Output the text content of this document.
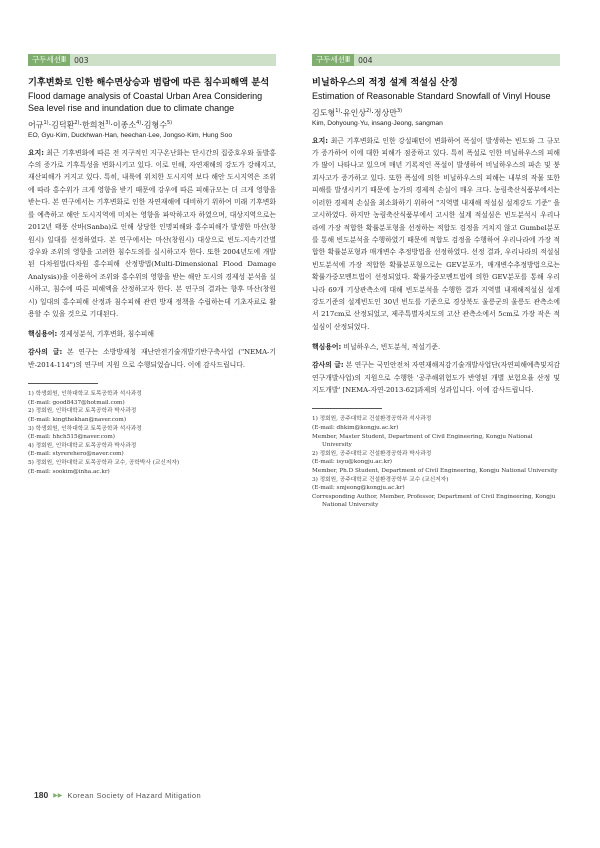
구두세션Ⅲ	003
기후변화로 인한 해수면상승과 범람에 따른 침수피해액 분석
Flood damage analysis of Coastal Urban Area Considering Sea level rise and inundation due to climate change
어규$^{1)}$·김덕환$^{2)}$·한희천$^{3)}$·이종소$^{4)}$·김형수$^{5)}$
EO, Gyu·Kim, Duckhwan·Han, heechan·Lee, Jongso·Kim, Hung Soo

요지: 최근 기후변화에 따른 전 지구적인 지구온난화는 단시간의 집중호우와 돌발홍수의 증가로 기후특성을 변화시키고 있다. 이로 인해, 자연재해의 강도가 강해지고, 재산피해가 커지고 있다. 특히, 내륙에 위치한 도시지역 보다 해안 도시지역은 조위에 따라 홍수위가 크게 영향을 받기 때문에 강우에 따른 피해규모는 더 크게 영향을 받는다. 본 연구에서는 기후변화로 인한 자연재해에 대비하기 위하여 미래 기후변화를 예측하고 해안 도시지역에 미치는 영향을 파악하고자 하였으며, 대상지역으로는 2012년 태풍 산바(Sanba)로 인해 상당한 인명피해와 홍수피해가 발생한 마산(창원시) 일대를 선정하였다. 본 연구에서는 마산(창원시) 대상으로 빈도-지속기간별 강우와 조위의 영향을 고려한 침수도의를 실시하고자 한다. 또한 2004년도에 개발된 다차원법(다차원 홍수피해 산정방법(Multi-Dimensional Flood Damage Analysis))을 이용하여 조위와 홍수위의 영향을 받는 해안 도시의 경제성 분석을 실시하고, 침수에 따른 피해액을 산정하고자 한다. 본 연구의 결과는 향후 마산(창원시) 일대의 홍수피해 산정과 침수피해 관련 방재 정책을 수립하는데 기초자료로 활용할 수 있을 것으로 기대된다.

핵심용어: 경제성분석, 기후변화, 침수피해
감사의 글: 본 연구는 소방방재청 재난안전기술개발기반구축사업 ("NEMA-기반-2014-114")의 연구비 지원 으로 수행되었습니다. 이에 감사드립니다.
1) 학생회원, 인하대학교 토목공학과 석사과정
(E-mail: good8437@hotmail.com)
2) 정회원, 인하대학교 토목공학과 박사과정
(E-mail: kingthekhan@naver.com)
3) 학생회원, 인하대학교 토목공학과 석사과정
(E-mail: hhch515@naver.com)
4) 정회원, 인하대학교 토목공학과 박사과정
(E-mail: styrerehero@naver.com)
5) 정회원, 인하대학교 토목공학과 교수, 공학박사 (교신저자)
(E-mail: sookim@inha.ac.kr)
구두세션Ⅲ	004
비닐하우스의 적정 설계 적설심 산정
Estimation of Reasonable Standard Snowfall of Vinyl House
김도형$^{1)}$·유인상$^{2)}$·정상만$^{3)}$
Kim, Dohyoung·Yu, insang·Jeong, sangman

요지: 최근 기후변화로 인한 강설패턴이 변화하여 폭설이 발생하는 빈도와 그 규모가 증가하여 이에 대한 피해가 점증하고 있다. 특히 폭설로 인한 비닐하우스의 피해가 많이 나타나고 있으며 매년 기록적인 폭설이 발생하여 비닐하우스의 파손 및 붕괴사고가 증가하고 있다. 또한 폭설에 의한 비닐하우스의 피해는 내부의 작물 또한 피해를 발생시키기 때문에 농가의 경제적 손실이 매우 크다. 농림축산식품부에서는 이러한 경제적 손실을 최소화하기 위하여 "지역별 내재해 적설심 설계강도 기준" 을 고시하였다. 하지만 농림축산식품부에서 고시한 설계 적설심은 빈도분석시 우리나라에 가장 적합한 확률분포형을 선정하는 적합도 검정을 거치지 않고 Gumbel분포를 통해 빈도분석을 수행하였기 때문에 적합도 검정을 수행하여 우리나라에 가장 적합한 확률분포형과 매개변수 추정방법을 선정하였다. 선정 결과, 우리나라의 적설심 빈도분석에 가장 적합한 확률분포형으로는 GEV분포가, 매개변수추정방법으로는 확률가중모멘트법이 선정되었다. 확률가중모멘트법에 의한 GEV분포를 통해 우리나라 69개 기상관측소에 대해 빈도분석을 수행한 결과 지역별 내재해적설심 설계 강도기준의 설계빈도인 30년 빈도를 기준으로 경상북도 울릉군의 울릉도 관측소에서 217cm로 산정되었고, 제주특별자치도의 고산 관측소에서 5cm로 가장 작은 적설심이 산정되었다.

핵심용어: 비닐하우스, 빈도분석, 적설기준.
감사의 글: 본 연구는 국민안전처 자연재해저감기술개발사업단(자연피해예측및저감연구개발사업)의 지원으로 수행한 '공주해위험도가 반영된 개별 보험요율 산정 및 지도개발' [NEMA-자연-2013-62]과제의 성과입니다. 이에 감사드립니다.
1) 정회원, 공주대학교 건설환경공학과 석사과정
(E-mail: dhkim@kongju.ac.kr)
Member, Master Student, Department of Civil Engineering, Kongju National University
2) 정회원, 공주대학교 건설환경공학과 박사과정
(E-mail: isyu@kongju.ac.kr)
Member, Ph.D Student, Department of Civil Engineering, Kongju National University
3) 정회원, 공주대학교 건설환경공학부 교수 (교신저자)
(E-mail: smjeong@kongju.ac.kr)
Corresponding Author, Member, Professor, Department of Civil Engineering, Kongju National University
180 ▶▶ Korean Society of Hazard Mitigation
